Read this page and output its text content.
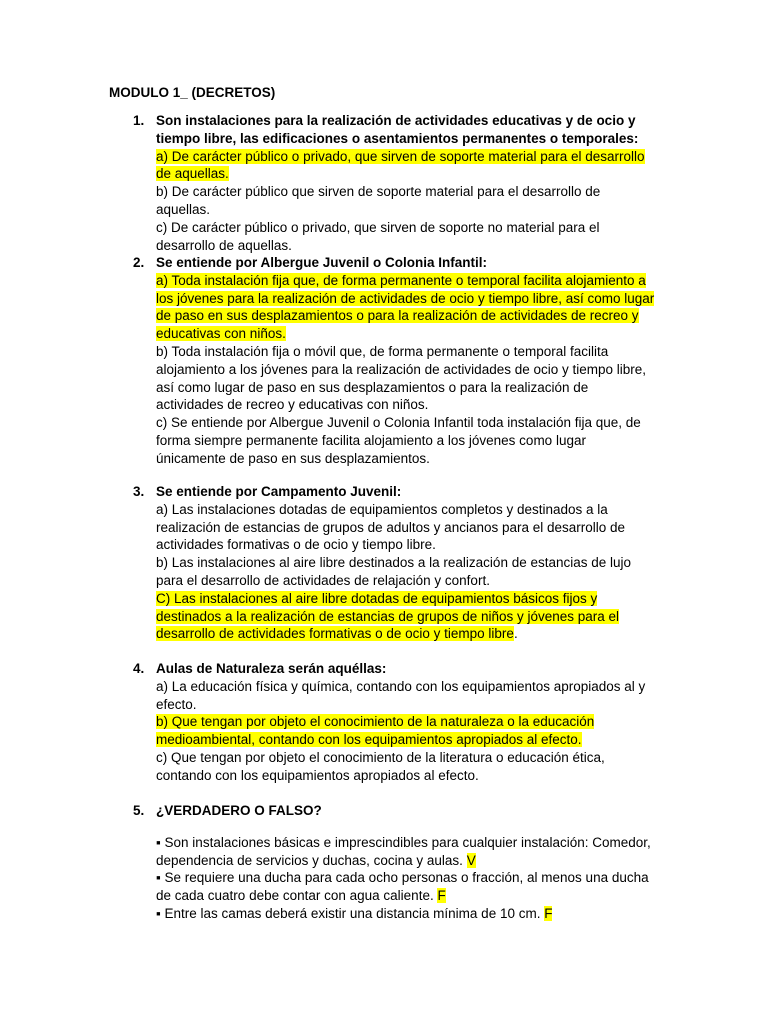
MODULO 1_ (DECRETOS)
1. Son instalaciones para la realización de actividades educativas y de ocio y tiempo libre, las edificaciones o asentamientos permanentes o temporales:

a) De carácter público o privado, que sirven de soporte material para el desarrollo de aquellas.

b) De carácter público que sirven de soporte material para el desarrollo de aquellas.

c) De carácter público o privado, que sirven de soporte no material para el desarrollo de aquellas.

2. Se entiende por Albergue Juvenil o Colonia Infantil:

a) Toda instalación fija que, de forma permanente o temporal facilita alojamiento a los jóvenes para la realización de actividades de ocio y tiempo libre, así como lugar de paso en sus desplazamientos o para la realización de actividades de recreo y educativas con niños.

b) Toda instalación fija o móvil que, de forma permanente o temporal facilita alojamiento a los jóvenes para la realización de actividades de ocio y tiempo libre, así como lugar de paso en sus desplazamientos o para la realización de actividades de recreo y educativas con niños.

c) Se entiende por Albergue Juvenil o Colonia Infantil toda instalación fija que, de forma siempre permanente facilita alojamiento a los jóvenes como lugar únicamente de paso en sus desplazamientos.

3. Se entiende por Campamento Juvenil:

a) Las instalaciones dotadas de equipamientos completos y destinados a la realización de estancias de grupos de adultos y ancianos para el desarrollo de actividades formativas o de ocio y tiempo libre.

b) Las instalaciones al aire libre destinados a la realización de estancias de lujo para el desarrollo de actividades de relajación y confort.

C) Las instalaciones al aire libre dotadas de equipamientos básicos fijos y destinados a la realización de estancias de grupos de niños y jóvenes para el desarrollo de actividades formativas o de ocio y tiempo libre.

4. Aulas de Naturaleza serán aquéllas:

a) La educación física y química, contando con los equipamientos apropiados al y efecto.

b) Que tengan por objeto el conocimiento de la naturaleza o la educación medioambiental, contando con los equipamientos apropiados al efecto.

c) Que tengan por objeto el conocimiento de la literatura o educación ética, contando con los equipamientos apropiados al efecto.

5. ¿VERDADERO O FALSO?

▪ Son instalaciones básicas e imprescindibles para cualquier instalación: Comedor, dependencia de servicios y duchas, cocina y aulas. V

▪ Se requiere una ducha para cada ocho personas o fracción, al menos una ducha de cada cuatro debe contar con agua caliente. F

▪ Entre las camas deberá existir una distancia mínima de 10 cm. F
